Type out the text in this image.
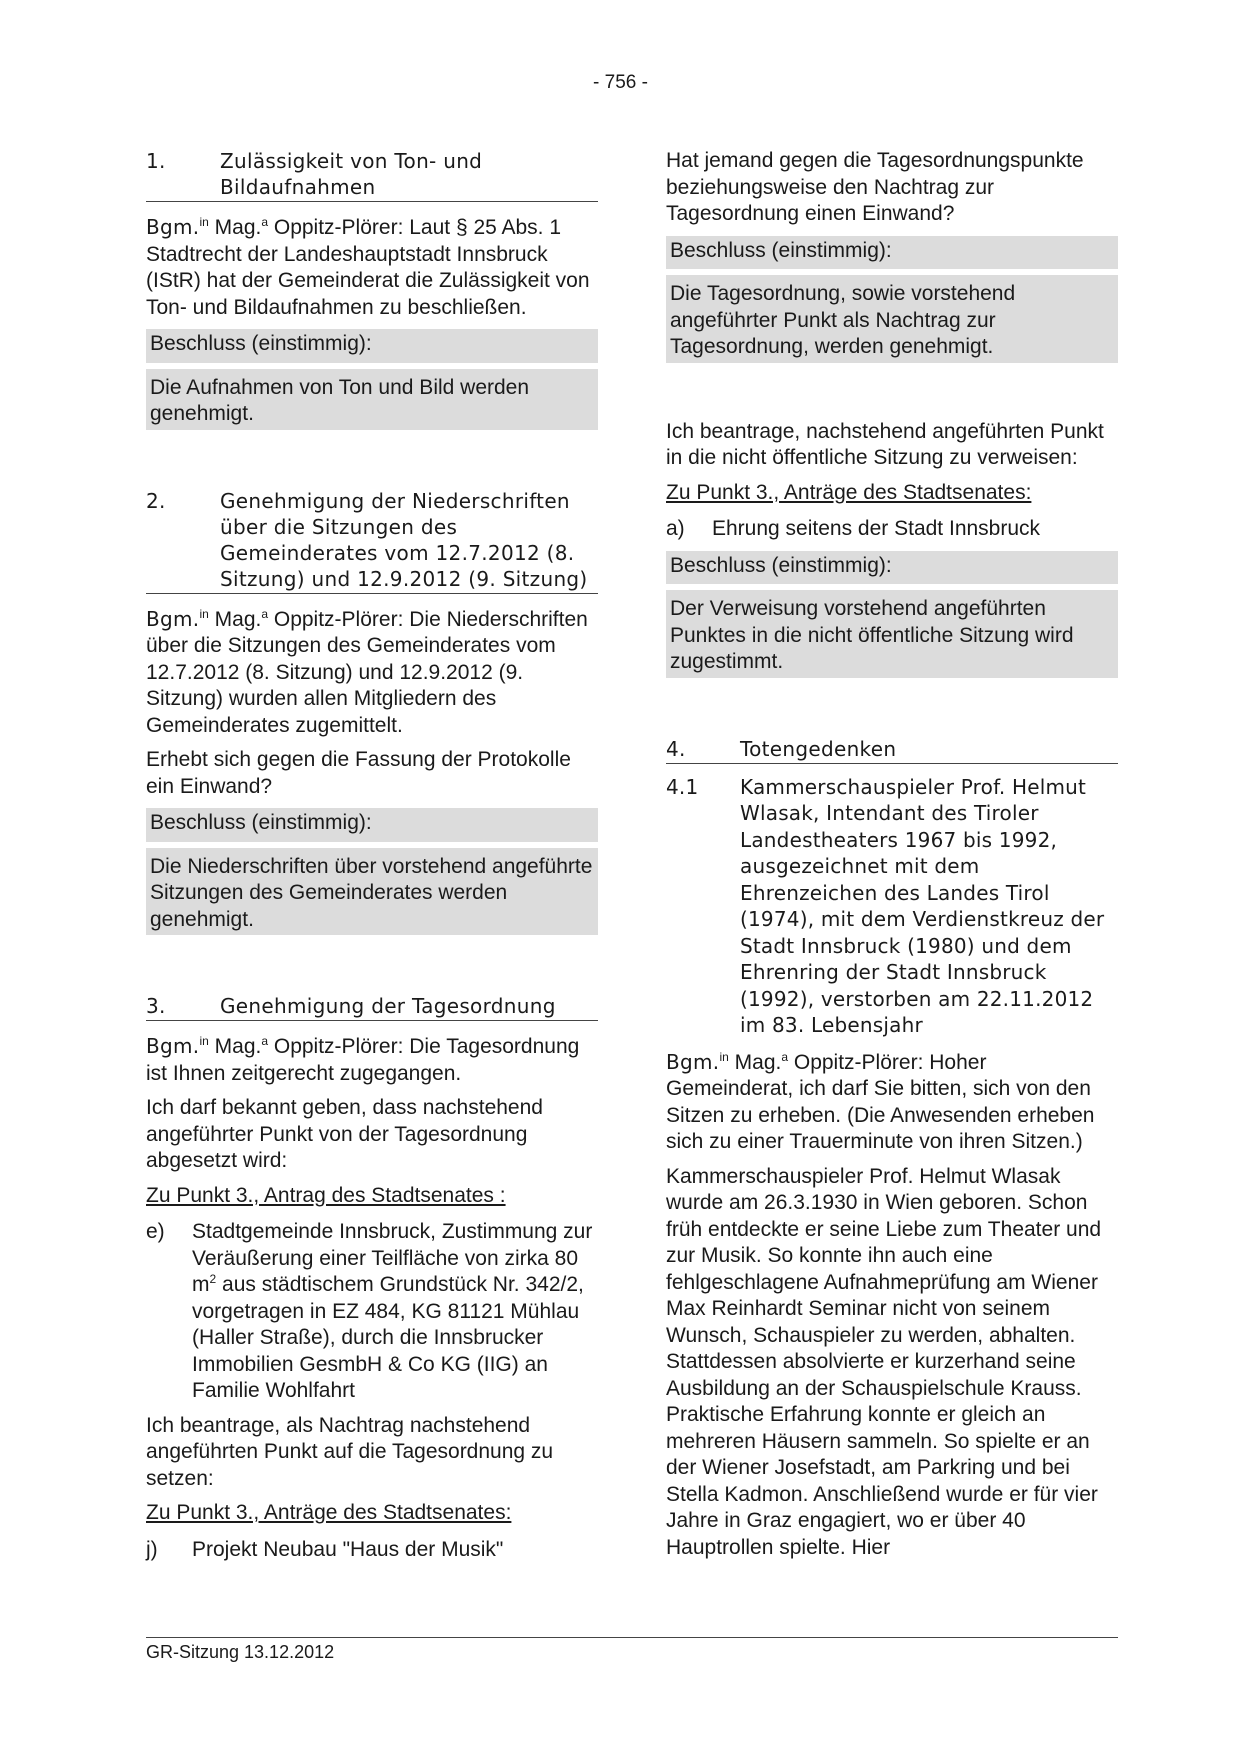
- 756 -
1.	Zulässigkeit von Ton- und Bildaufnahmen
Bgm.$^{in}$ Mag.$^a$ Oppitz-Plörer: Laut § 25 Abs. 1 Stadtrecht der Landeshauptstadt Innsbruck (IStR) hat der Gemeinderat die Zulässigkeit von Ton- und Bildaufnahmen zu beschließen.
Beschluss (einstimmig):
Die Aufnahmen von Ton und Bild werden genehmigt.
2.	Genehmigung der Niederschriften über die Sitzungen des Gemeinderates vom 12.7.2012 (8. Sitzung) und 12.9.2012 (9. Sitzung)
Bgm.$^{in}$ Mag.$^a$ Oppitz-Plörer: Die Niederschriften über die Sitzungen des Gemeinderates vom 12.7.2012 (8. Sitzung) und 12.9.2012 (9. Sitzung) wurden allen Mitgliedern des Gemeinderates zugemittelt.
Erhebt sich gegen die Fassung der Protokolle ein Einwand?
Beschluss (einstimmig):
Die Niederschriften über vorstehend angeführte Sitzungen des Gemeinderates werden genehmigt.
3.	Genehmigung der Tagesordnung
Bgm.$^{in}$ Mag.$^a$ Oppitz-Plörer: Die Tagesordnung ist Ihnen zeitgerecht zugegangen.
Ich darf bekannt geben, dass nachstehend angeführter Punkt von der Tagesordnung abgesetzt wird:
Zu Punkt 3., Antrag des Stadtsenates :
e)	Stadtgemeinde Innsbruck, Zustimmung zur Veräußerung einer Teilfläche von zirka 80 $m^2$ aus städtischem Grundstück Nr. 342/2, vorgetragen in EZ 484, KG 81121 Mühlau (Haller Straße), durch die Innsbrucker Immobilien GesmbH & Co KG (IIG) an Familie Wohlfahrt
Ich beantrage, als Nachtrag nachstehend angeführten Punkt auf die Tagesordnung zu setzen:
Zu Punkt 3., Anträge des Stadtsenates:
j)	Projekt Neubau "Haus der Musik"
Hat jemand gegen die Tagesordnungspunkte beziehungsweise den Nachtrag zur Tagesordnung einen Einwand?
Beschluss (einstimmig):
Die Tagesordnung, sowie vorstehend angeführter Punkt als Nachtrag zur Tagesordnung, werden genehmigt.
Ich beantrage, nachstehend angeführten Punkt in die nicht öffentliche Sitzung zu verweisen:
Zu Punkt 3., Anträge des Stadtsenates:
a)	Ehrung seitens der Stadt Innsbruck
Beschluss (einstimmig):
Der Verweisung vorstehend angeführten Punktes in die nicht öffentliche Sitzung wird zugestimmt.
4.	Totengedenken
4.1	Kammerschauspieler Prof. Helmut Wlasak, Intendant des Tiroler Landestheaters 1967 bis 1992, ausgezeichnet mit dem Ehrenzeichen des Landes Tirol (1974), mit dem Verdienstkreuz der Stadt Innsbruck (1980) und dem Ehrenring der Stadt Innsbruck (1992), verstorben am 22.11.2012 im 83. Lebensjahr
Bgm.$^{in}$ Mag.$^a$ Oppitz-Plörer: Hoher Gemeinderat, ich darf Sie bitten, sich von den Sitzen zu erheben. (Die Anwesenden erheben sich zu einer Trauerminute von ihren Sitzen.)
Kammerschauspieler Prof. Helmut Wlasak wurde am 26.3.1930 in Wien geboren. Schon früh entdeckte er seine Liebe zum Theater und zur Musik. So konnte ihn auch eine fehlgeschlagene Aufnahmeprüfung am Wiener Max Reinhardt Seminar nicht von seinem Wunsch, Schauspieler zu werden, abhalten. Stattdessen absolvierte er kurzerhand seine Ausbildung an der Schauspielschule Krauss. Praktische Erfahrung konnte er gleich an mehreren Häusern sammeln. So spielte er an der Wiener Josefstadt, am Parkring und bei Stella Kadmon. Anschließend wurde er für vier Jahre in Graz engagiert, wo er über 40 Hauptrollen spielte. Hier
GR-Sitzung 13.12.2012
